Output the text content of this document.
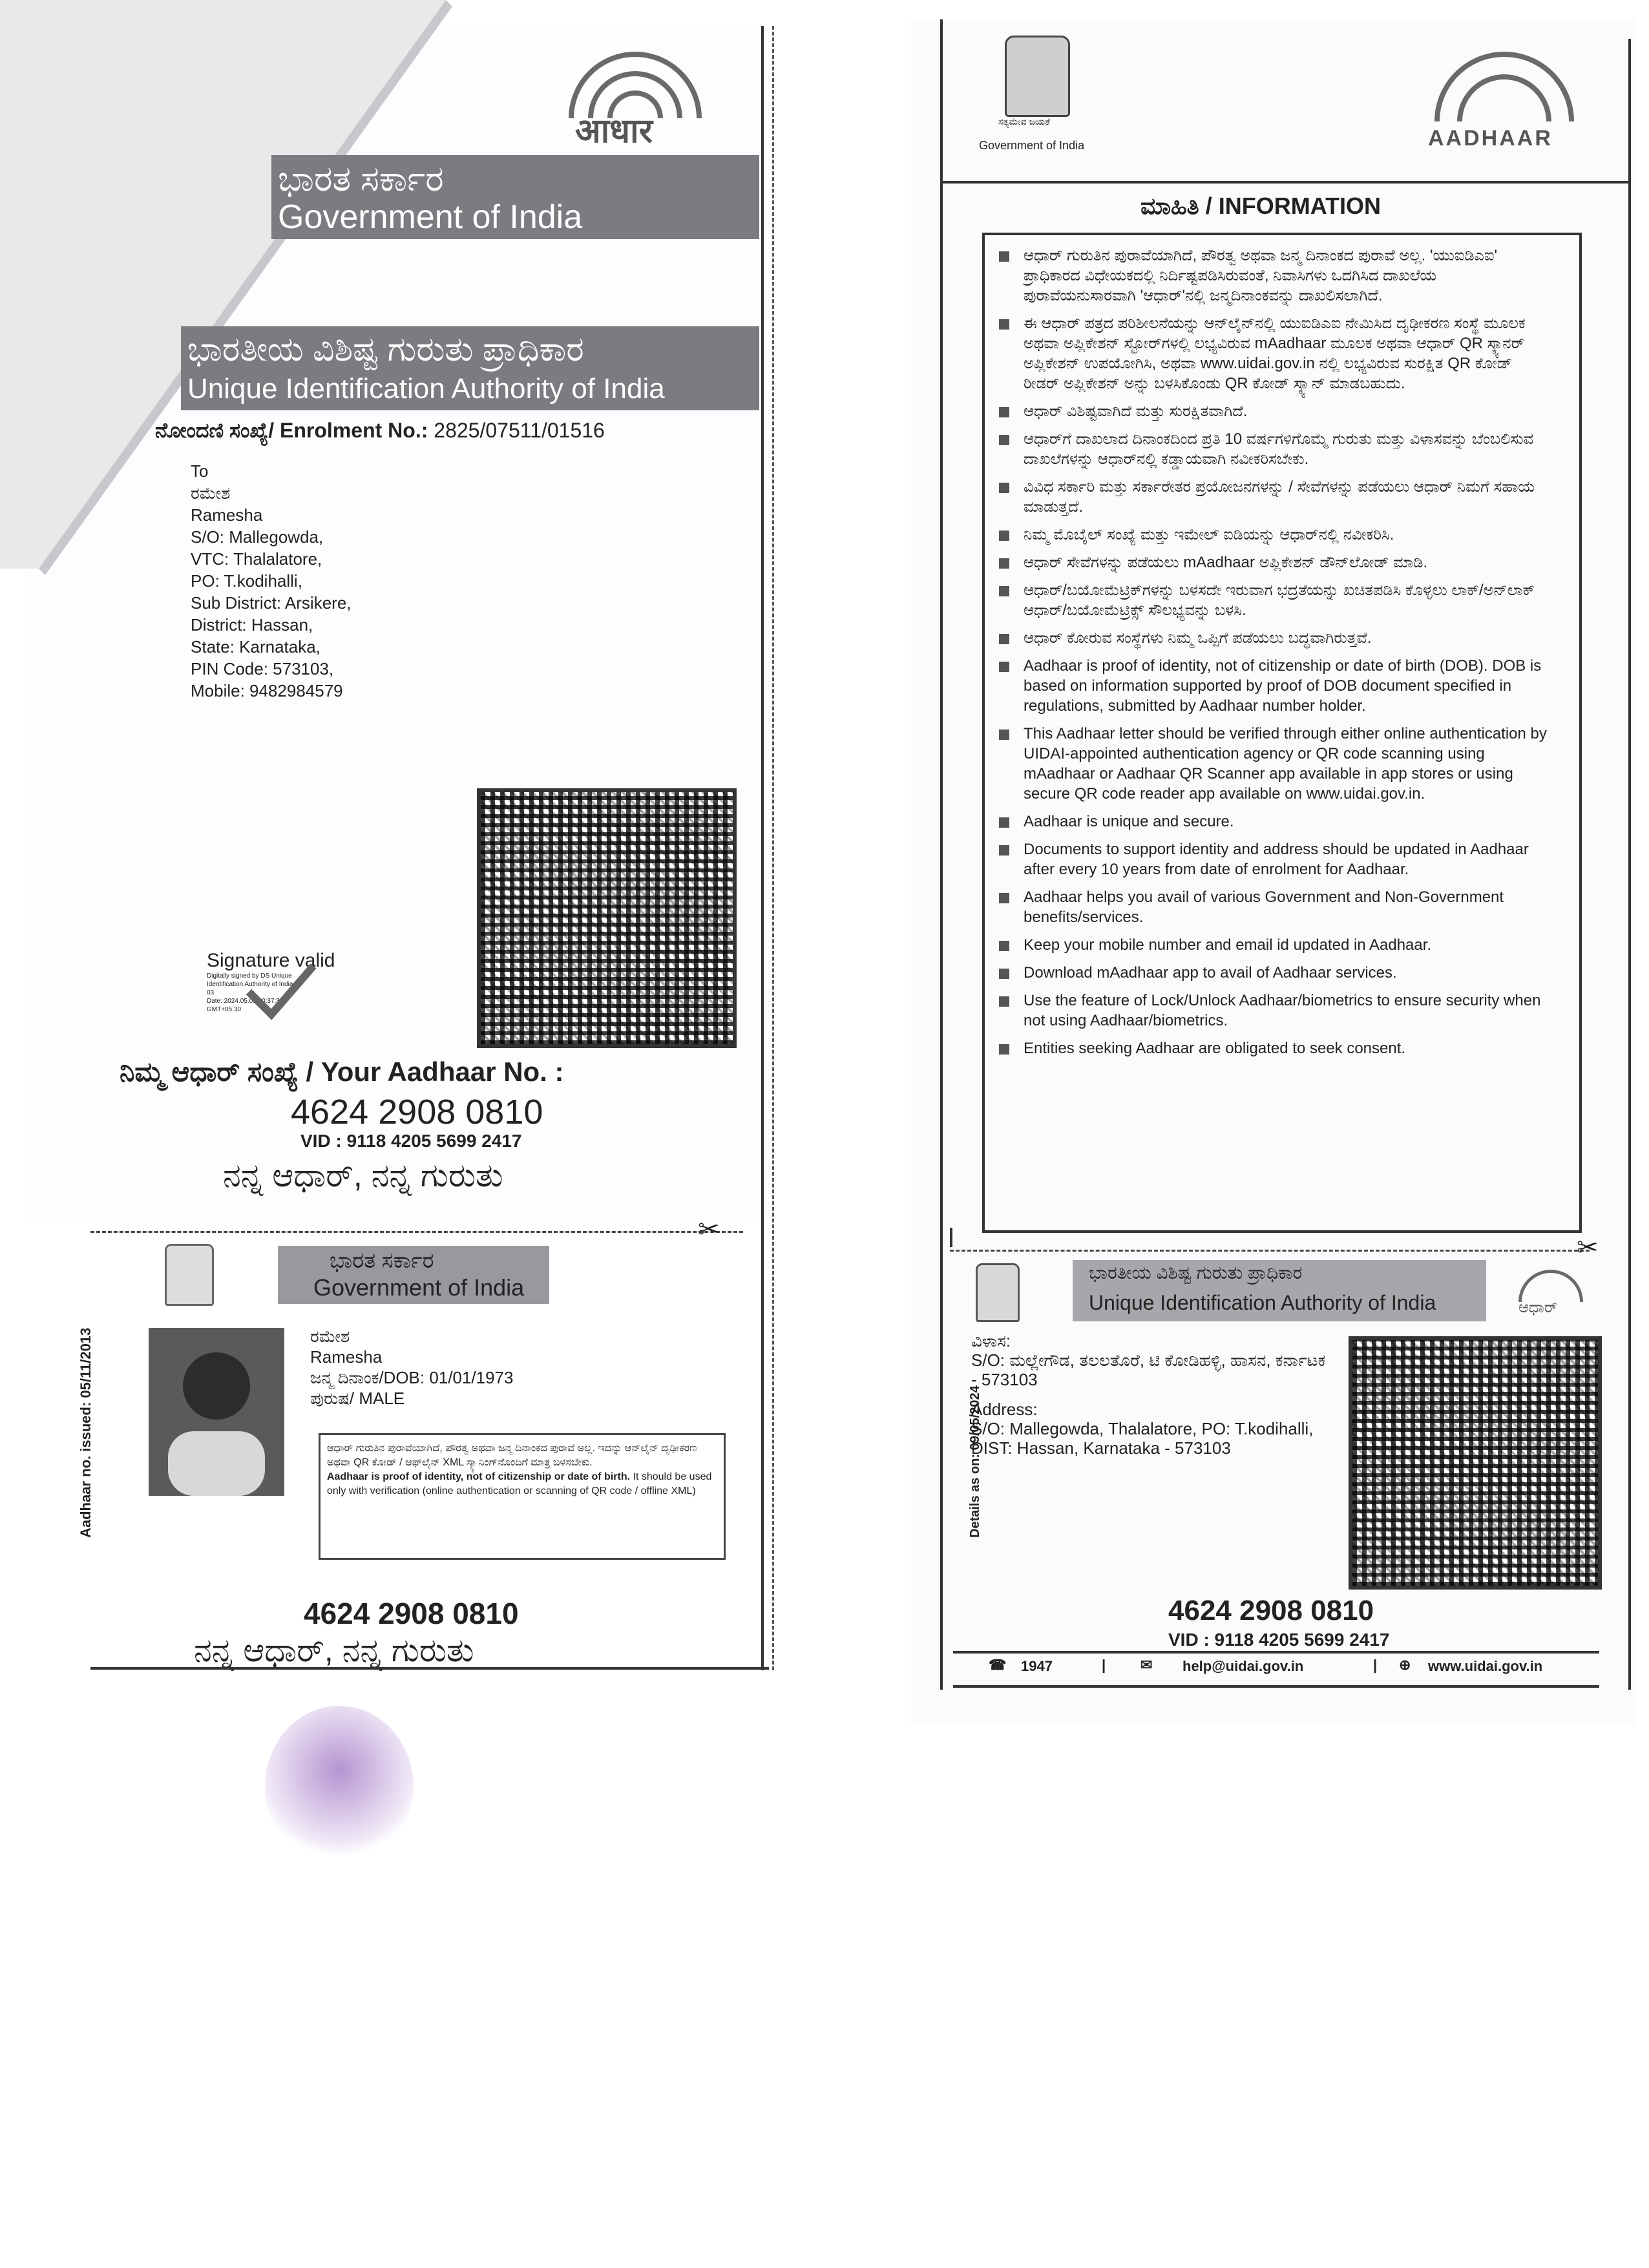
आधार
ಭಾರತ ಸರ್ಕಾರ
Government of India
ಭಾರತೀಯ ವಿಶಿಷ್ಟ ಗುರುತು ಪ್ರಾಧಿಕಾರ
Unique Identification Authority of India
ನೋಂದಣಿ ಸಂಖ್ಯೆ/ Enrolment No.: 2825/07511/01516
To
ರಮೇಶ
Ramesha
S/O: Mallegowda,
VTC: Thalalatore,
PO: T.kodihalli,
Sub District: Arsikere,
District: Hassan,
State: Karnataka,
PIN Code: 573103,
Mobile: 9482984579
Signature valid
Digitally signed by DS Unique
Identification Authority of India
03
Date: 2024.05.09 10:37:30
GMT+05:30
ನಿಮ್ಮ ಆಧಾರ್ ಸಂಖ್ಯೆ / Your Aadhaar No. :
4624 2908 0810
VID : 9118 4205 5699 2417
ನನ್ನ ಆಧಾರ್, ನನ್ನ ಗುರುತು
✂
ಭಾರತ ಸರ್ಕಾರ
Government of India
Aadhaar no. issued: 05/11/2013	ರಮೇಶ
Ramesha
ಜನ್ಮ ದಿನಾಂಕ/DOB: 01/01/1973
ಪುರುಷ/ MALE
ಆಧಾರ್ ಗುರುತಿನ ಪುರಾವೆಯಾಗಿದೆ, ಪೌರತ್ವ ಅಥವಾ ಜನ್ಮ ದಿನಾಂಕದ ಪುರಾವೆ ಅಲ್ಲ. ಇದನ್ನು ಆನ್‌ಲೈನ್ ದೃಢೀಕರಣ ಅಥವಾ QR ಕೋಡ್ / ಆಫ್‌ಲೈನ್ XML ಸ್ಕ್ಯಾನಿಂಗ್‌ನೊಂದಿಗೆ ಮಾತ್ರ ಬಳಸಬೇಕು.
Aadhaar is proof of identity, not of citizenship or date of birth. It should be used only with verification (online authentication or scanning of QR code / offline XML)
4624 2908 0810
ನನ್ನ ಆಧಾರ್, ನನ್ನ ಗುರುತು
ಸತ್ಯಮೇವ ಜಯತೆ
Government of India	AADHAAR
ಮಾಹಿತಿ / INFORMATION
ಆಧಾರ್ ಗುರುತಿನ ಪುರಾವೆಯಾಗಿದೆ, ಪೌರತ್ವ ಅಥವಾ ಜನ್ಮ ದಿನಾಂಕದ ಪುರಾವೆ ಅಲ್ಲ. 'ಯುಐಡಿಎಐ' ಪ್ರಾಧಿಕಾರದ ವಿಧೇಯಕದಲ್ಲಿ ನಿರ್ದಿಷ್ಟಪಡಿಸಿರುವಂತೆ, ನಿವಾಸಿಗಳು ಒದಗಿಸಿದ ದಾಖಲೆಯ ಪುರಾವೆಯನುಸಾರವಾಗಿ 'ಆಧಾರ್'ನಲ್ಲಿ ಜನ್ಮದಿನಾಂಕವನ್ನು ದಾಖಲಿಸಲಾಗಿದೆ.
ಈ ಆಧಾರ್ ಪತ್ರದ ಪರಿಶೀಲನೆಯನ್ನು ಆನ್‌ಲೈನ್‌ನಲ್ಲಿ ಯುಐಡಿಎಐ ನೇಮಿಸಿದ ದೃಢೀಕರಣ ಸಂಸ್ಥೆ ಮೂಲಕ ಅಥವಾ ಅಪ್ಲಿಕೇಶನ್ ಸ್ಟೋರ್‌ಗಳಲ್ಲಿ ಲಭ್ಯವಿರುವ mAadhaar ಮೂಲಕ ಅಥವಾ ಆಧಾರ್ QR ಸ್ಕ್ಯಾನರ್ ಅಪ್ಲಿಕೇಶನ್ ಉಪಯೋಗಿಸಿ, ಅಥವಾ www.uidai.gov.in ನಲ್ಲಿ ಲಭ್ಯವಿರುವ ಸುರಕ್ಷಿತ QR ಕೋಡ್ ರೀಡರ್ ಅಪ್ಲಿಕೇಶನ್ ಅನ್ನು ಬಳಸಿಕೊಂಡು QR ಕೋಡ್ ಸ್ಕ್ಯಾನ್ ಮಾಡಬಹುದು.
ಆಧಾರ್ ವಿಶಿಷ್ಟವಾಗಿದೆ ಮತ್ತು ಸುರಕ್ಷಿತವಾಗಿದೆ.
ಆಧಾರ್‌ಗೆ ದಾಖಲಾದ ದಿನಾಂಕದಿಂದ ಪ್ರತಿ 10 ವರ್ಷಗಳಿಗೊಮ್ಮೆ ಗುರುತು ಮತ್ತು ವಿಳಾಸವನ್ನು ಬೆಂಬಲಿಸುವ ದಾಖಲೆಗಳನ್ನು ಆಧಾರ್‌ನಲ್ಲಿ ಕಡ್ಡಾಯವಾಗಿ ನವೀಕರಿಸಬೇಕು.
ವಿವಿಧ ಸರ್ಕಾರಿ ಮತ್ತು ಸರ್ಕಾರೇತರ ಪ್ರಯೋಜನಗಳನ್ನು / ಸೇವೆಗಳನ್ನು ಪಡೆಯಲು ಆಧಾರ್ ನಿಮಗೆ ಸಹಾಯ ಮಾಡುತ್ತದೆ.
ನಿಮ್ಮ ಮೊಬೈಲ್ ಸಂಖ್ಯೆ ಮತ್ತು ಇಮೇಲ್ ಐಡಿಯನ್ನು ಆಧಾರ್‌ನಲ್ಲಿ ನವೀಕರಿಸಿ.
ಆಧಾರ್ ಸೇವೆಗಳನ್ನು ಪಡೆಯಲು mAadhaar ಅಪ್ಲಿಕೇಶನ್ ಡೌನ್‌ಲೋಡ್ ಮಾಡಿ.
ಆಧಾರ್/ಬಯೋಮೆಟ್ರಿಕ್‌ಗಳನ್ನು ಬಳಸದೇ ಇರುವಾಗ ಭದ್ರತೆಯನ್ನು ಖಚಿತಪಡಿಸಿ ಕೊಳ್ಳಲು ಲಾಕ್/ಅನ್‌ಲಾಕ್ ಆಧಾರ್/ಬಯೋಮೆಟ್ರಿಕ್ಸ್ ಸೌಲಭ್ಯವನ್ನು ಬಳಸಿ.
ಆಧಾರ್ ಕೋರುವ ಸಂಸ್ಥೆಗಳು ನಿಮ್ಮ ಒಪ್ಪಿಗೆ ಪಡೆಯಲು ಬದ್ಧವಾಗಿರುತ್ತವೆ.
Aadhaar is proof of identity, not of citizenship or date of birth (DOB). DOB is based on information supported by proof of DOB document specified in regulations, submitted by Aadhaar number holder.
This Aadhaar letter should be verified through either online authentication by UIDAI-appointed authentication agency or QR code scanning using mAadhaar or Aadhaar QR Scanner app available in app stores or using secure QR code reader app available on www.uidai.gov.in.
Aadhaar is unique and secure.
Documents to support identity and address should be updated in Aadhaar after every 10 years from date of enrolment for Aadhaar.
Aadhaar helps you avail of various Government and Non-Government benefits/services.
Keep your mobile number and email id updated in Aadhaar.
Download mAadhaar app to avail of Aadhaar services.
Use the feature of Lock/Unlock Aadhaar/biometrics to ensure security when not using Aadhaar/biometrics.
Entities seeking Aadhaar are obligated to seek consent.
✂
ಭಾರತೀಯ ವಿಶಿಷ್ಟ ಗುರುತು ಪ್ರಾಧಿಕಾರ
Unique Identification Authority of India	ಆಧಾರ್
Details as on: 09/05/2024
ವಿಳಾಸ:
S/O: ಮಲ್ಲೇಗೌಡ, ತಲಲತೊರೆ, ಟಿ ಕೋಡಿಹಳ್ಳಿ, ಹಾಸನ, ಕರ್ನಾಟಕ - 573103
Address:
S/O: Mallegowda, Thalalatore, PO: T.kodihalli, DIST: Hassan, Karnataka - 573103
4624 2908 0810
VID : 9118 4205 5699 2417
☎ 1947	| ✉ help@uidai.gov.in	| ⊕ www.uidai.gov.in
